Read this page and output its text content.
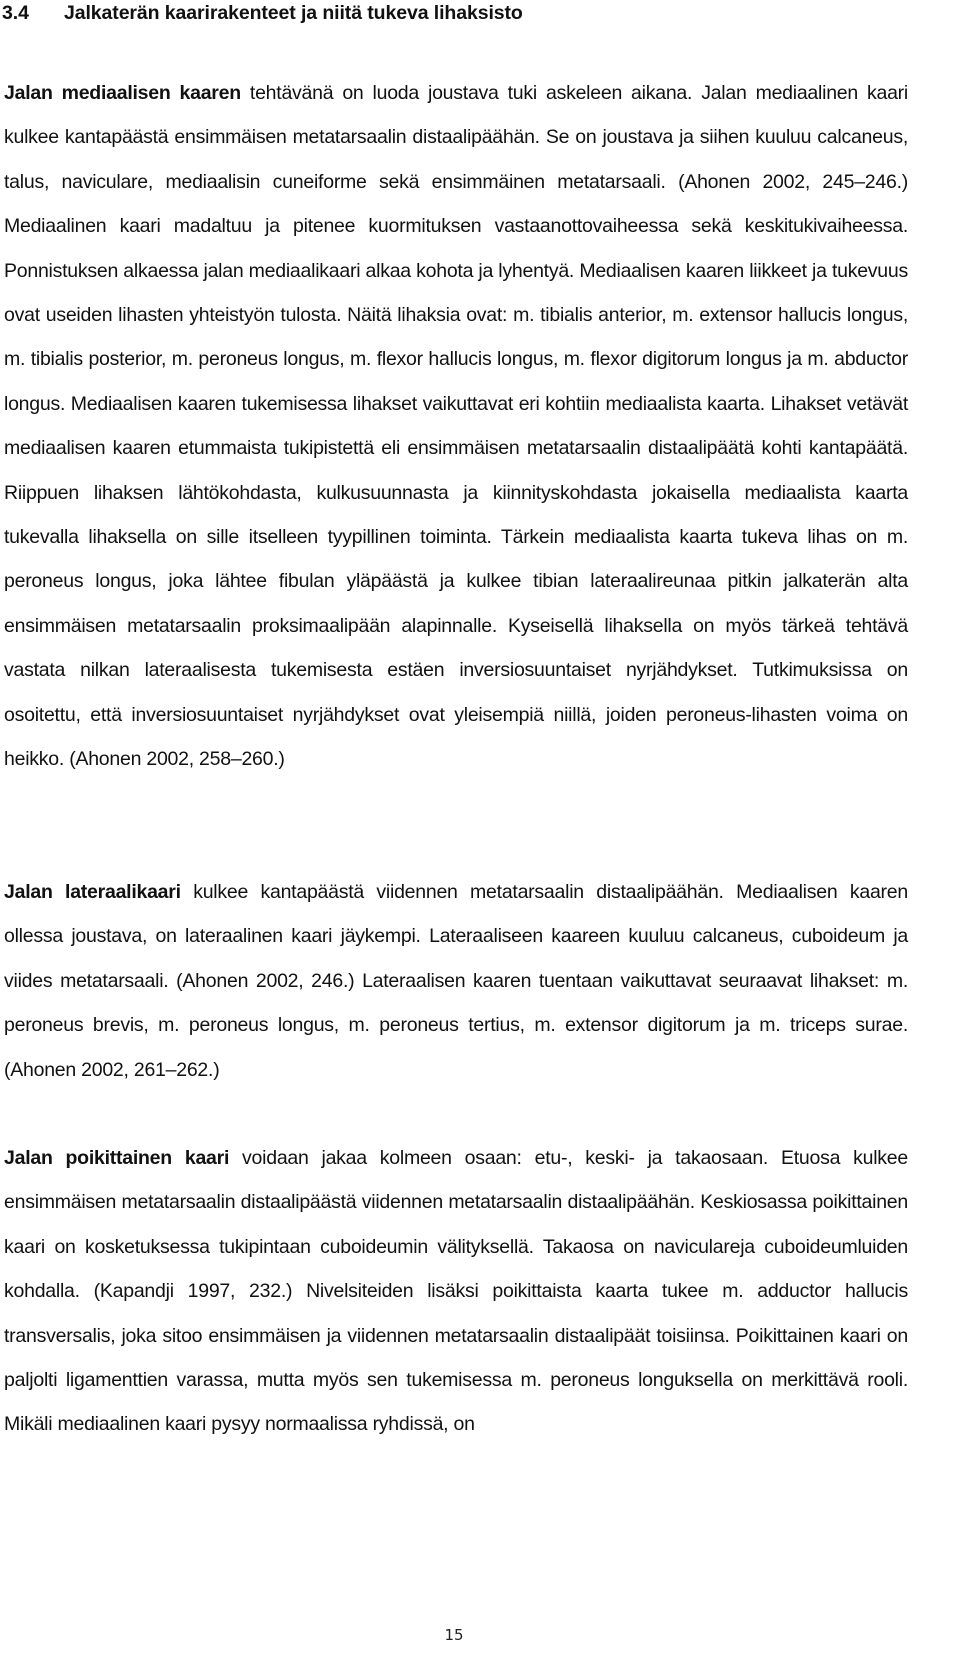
3.4 Jalkaterän kaarirakenteet ja niitä tukeva lihaksisto

Jalan mediaalisen kaaren tehtävänä on luoda joustava tuki askeleen aikana. Jalan mediaalinen kaari kulkee kantapäästä ensimmäisen metatarsaalin distaalipäähän. Se on joustava ja siihen kuuluu calcaneus, talus, naviculare, mediaalisin cuneiforme sekä ensimmäinen metatarsaali. (Ahonen 2002, 245–246.) Mediaalinen kaari madaltuu ja pitenee kuormituksen vastaanottovaiheessa sekä keskitukivaiheessa. Ponnistuksen alkaessa jalan mediaalikaari alkaa kohota ja lyhentyä. Mediaalisen kaaren liikkeet ja tukevuus ovat useiden lihasten yhteistyön tulosta. Näitä lihaksia ovat: m. tibialis anterior, m. extensor hallucis longus, m. tibialis posterior, m. peroneus longus, m. flexor hallucis longus, m. flexor digitorum longus ja m. abductor longus. Mediaalisen kaaren tukemisessa lihakset vaikuttavat eri kohtiin mediaalista kaarta. Lihakset vetävät mediaalisen kaaren etummaista tukipistettä eli ensimmäisen metatarsaalin distaalipäätä kohti kantapäätä. Riippuen lihaksen lähtökohdasta, kulkusuunnasta ja kiinnityskohdasta jokaisella mediaalista kaarta tukevalla lihaksella on sille itselleen tyypillinen toiminta. Tärkein mediaalista kaarta tukeva lihas on m. peroneus longus, joka lähtee fibulan yläpäästä ja kulkee tibian lateraalireunaa pitkin jalkaterän alta ensimmäisen metatarsaalin proksimaalipään alapinnalle. Kyseisellä lihaksella on myös tärkeä tehtävä vastata nilkan lateraalisesta tukemisesta estäen inversiosuuntaiset nyrjähdykset. Tutkimuksissa on osoitettu, että inversiosuuntaiset nyrjähdykset ovat yleisempiä niillä, joiden peroneus-lihasten voima on heikko. (Ahonen 2002, 258–260.)

Jalan lateraalikaari kulkee kantapäästä viidennen metatarsaalin distaalipäähän. Mediaalisen kaaren ollessa joustava, on lateraalinen kaari jäykempi. Lateraaliseen kaareen kuuluu calcaneus, cuboideum ja viides metatarsaali. (Ahonen 2002, 246.) Lateraalisen kaaren tuentaan vaikuttavat seuraavat lihakset: m. peroneus brevis, m. peroneus longus, m. peroneus tertius, m. extensor digitorum ja m. triceps surae. (Ahonen 2002, 261–262.)

Jalan poikittainen kaari voidaan jakaa kolmeen osaan: etu-, keski- ja takaosaan. Etuosa kulkee ensimmäisen metatarsaalin distaalipäästä viidennen metatarsaalin distaalipäähän. Keskiosassa poikittainen kaari on kosketuksessa tukipintaan cuboideumin välityksellä. Takaosa on naviculareja cuboideumluiden kohdalla. (Kapandji 1997, 232.) Nivelsiteiden lisäksi poikittaista kaarta tukee m. adductor hallucis transversalis, joka sitoo ensimmäisen ja viidennen metatarsaalin distaalipäät toisiinsa. Poikittainen kaari on paljolti ligamenttien varassa, mutta myös sen tukemisessa m. peroneus longuksella on merkittävä rooli. Mikäli mediaalinen kaari pysyy normaalissa ryhdissä, on

15
